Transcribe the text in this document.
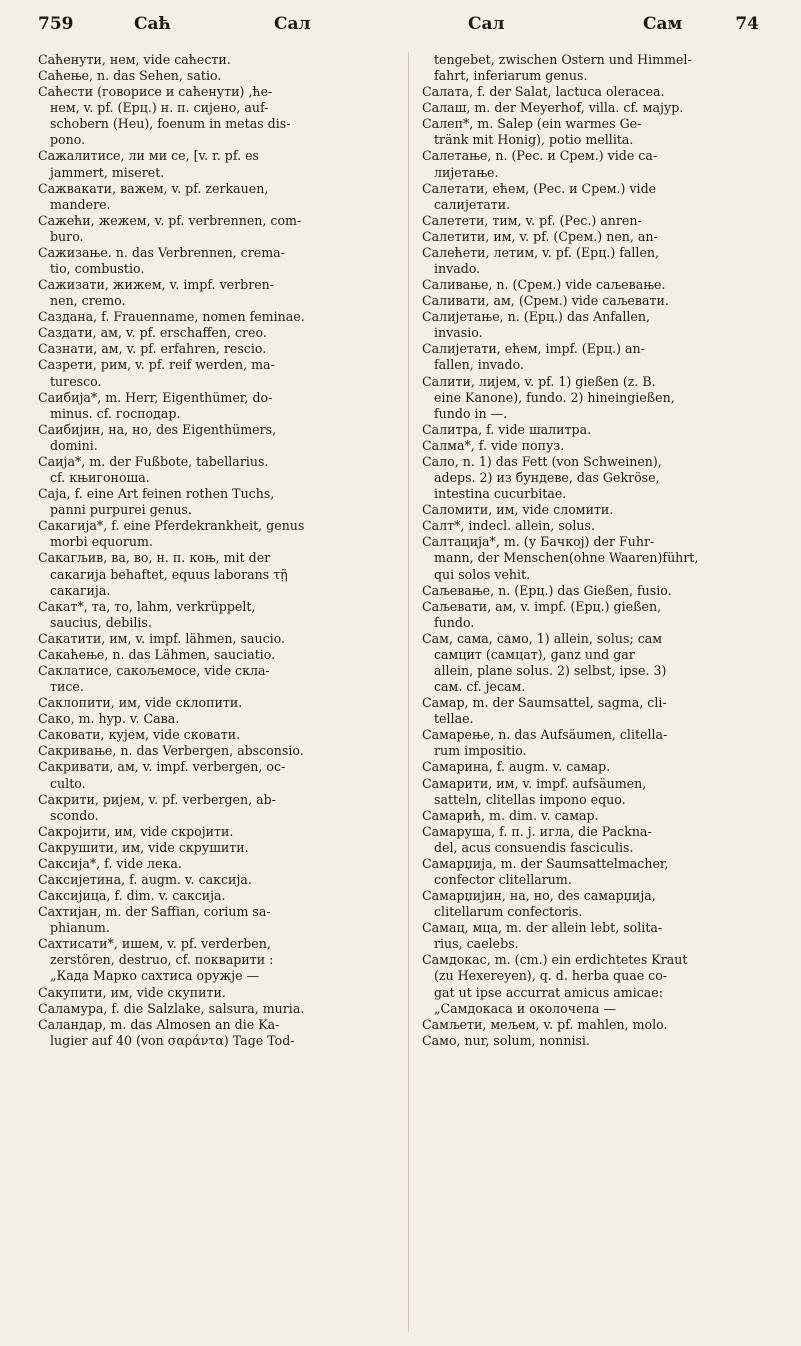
759	Саћ	Сал	Сал	Сам	74
Саћенути, нем, vide саћести.
Саћење, n. das Sehen, satio.
Саћести (говорисе и саћенути) ,ће-
нем, v. pf. (Ерц.) н. п. сијено, auf-
schobern (Heu), foenum in metas dis-
pono.
Сажалитисе, ли ми се, [v. r. pf. es
jammert, miseret.
Сажвакати, важем, v. pf. zerkauen,
mandere.
Сажећи, жежем, v. pf. verbrennen, com-
buro.
Сажизање. n. das Verbrennen, crema-
tio, combustio.
Сажизати, жижем, v. impf. verbren-
nen, cremo.
Саздана, f. Frauenname, nomen feminae.
Саздати, ам, v. pf. erschaffen, creo.
Сазнати, ам, v. pf. erfahren, rescio.
Сазрети, рим, v. pf. reif werden, ma-
turesco.
Саибија*, m. Herr, Eigenthümer, do-
minus. cf. господар.
Саибијин, на, но, des Eigenthümers,
domini.
Саија*, m. der Fußbote, tabellarius.
cf. књигоноша.
Саја, f. eine Art feinen rothen Tuchs,
panni purpurei genus.
Сакагија*, f. eine Pferdekrankheit, genus
morbi equorum.
Сакагљив, ва, во, н. п. коњ, mit der
сакагија behaftet, equus laborans τῇ
сакагија.
Сакат*, та, то, lahm, verkrüppelt,
saucius, debilis.
Сакатити, им, v. impf. lähmen, saucio.
Сакаћење, n. das Lähmen, sauciatio.
Саклатисе, сакољемосе, vide скла-
тисе.
Саклопити, им, vide склопити.
Сако, m. hyp. v. Сава.
Саковати, кујем, vide сковати.
Сакривање, n. das Verbergen, absconsio.
Сакривати, ам, v. impf. verbergen, oc-
culto.
Сакрити, ријем, v. pf. verbergen, ab-
scondo.
Сакројити, им, vide скројити.
Сакрушити, им, vide скрушити.
Саксија*, f. vide лека.
Саксијетина, f. augm. v. саксија.
Саксијица, f. dim. v. саксија.
Сахтијан, m. der Saffian, corium sa-
phianum.
Сахтисати*, ишем, v. pf. verderben,
zerstören, destruo, cf. покварити :
„Када Марко сахтиса оружје —
Сакупити, им, vide скупити.
Саламура, f. die Salzlake, salsura, muria.
Саландар, m. das Almosen an die Ka-
lugier auf 40 (von σαράντα) Tage Tod-
tengebet, zwischen Ostern und Himmel-
fahrt, inferiarum genus.
Салата, f. der Salat, lactuca oleracea.
Салаш, m. der Meyerhof, villa. cf. мајур.
Салеп*, m. Salep (ein warmes Ge-
tränk mit Honig), potio mellita.
Салетање, n. (Рес. и Срем.) vide са-
лијетање.
Салетати, ећем, (Рес. и Срем.) vide
салијетати.
Салетети, тим, v. pf. (Рес.) anren-
Салетити, им, v. pf. (Срем.) nen, an-
Салећети, летим, v. pf. (Ерц.) fallen,
invado.
Саливање, n. (Срем.) vide саљевање.
Саливати, ам, (Срем.) vide саљевати.
Салијетање, n. (Ерц.) das Anfallen,
invasio.
Салијетати, ећем, impf. (Ерц.) an-
fallen, invado.
Салити, лијем, v. pf. 1) gießen (z. B.
eine Kanone), fundo. 2) hineingießen,
fundo in —.
Салитра, f. vide шалитра.
Салма*, f. vide попуз.
Сало, n. 1) das Fett (von Schweinen),
adeps. 2) из бундеве, das Gekröse,
intestina cucurbitae.
Саломити, им, vide сломити.
Салт*, indecl. allein, solus.
Салтација*, m. (у Бачкој) der Fuhr-
mann, der Menschen(ohne Waaren)führt,
qui solos vehit.
Саљевање, n. (Ерц.) das Gießen, fusio.
Саљевати, ам, v. impf. (Ерц.) gießen,
fundo.
Сам, сама, само, 1) allein, solus; сам
самцит (самцат), ganz und gar
allein, plane solus. 2) selbst, ipse. 3)
сам. cf. јесам.
Самар, m. der Saumsattel, sagma, cli-
tellae.
Самарење, n. das Aufsäumen, clitella-
rum impositio.
Самарина, f. augm. v. самар.
Самарити, им, v. impf. aufsäumen,
satteln, clitellas impono equo.
Самарић, m. dim. v. самар.
Самаруша, f. п. ј. игла, die Packna-
del, acus consuendis fasciculis.
Самарџија, m. der Saumsattelmacher,
confector clitellarum.
Самарџијин, на, но, des самарџија,
clitellarum confectoris.
Самац, мца, m. der allein lebt, solita-
rius, caelebs.
Самдокас, m. (cm.) ein erdichtetes Kraut
(zu Hexereyen), q. d. herba quae co-
gat ut ipse accurrat amicus amicae:
„Самдокаса и околочепа —
Самљети, мељем, v. pf. mahlen, molo.
Само, nur, solum, nonnisi.
